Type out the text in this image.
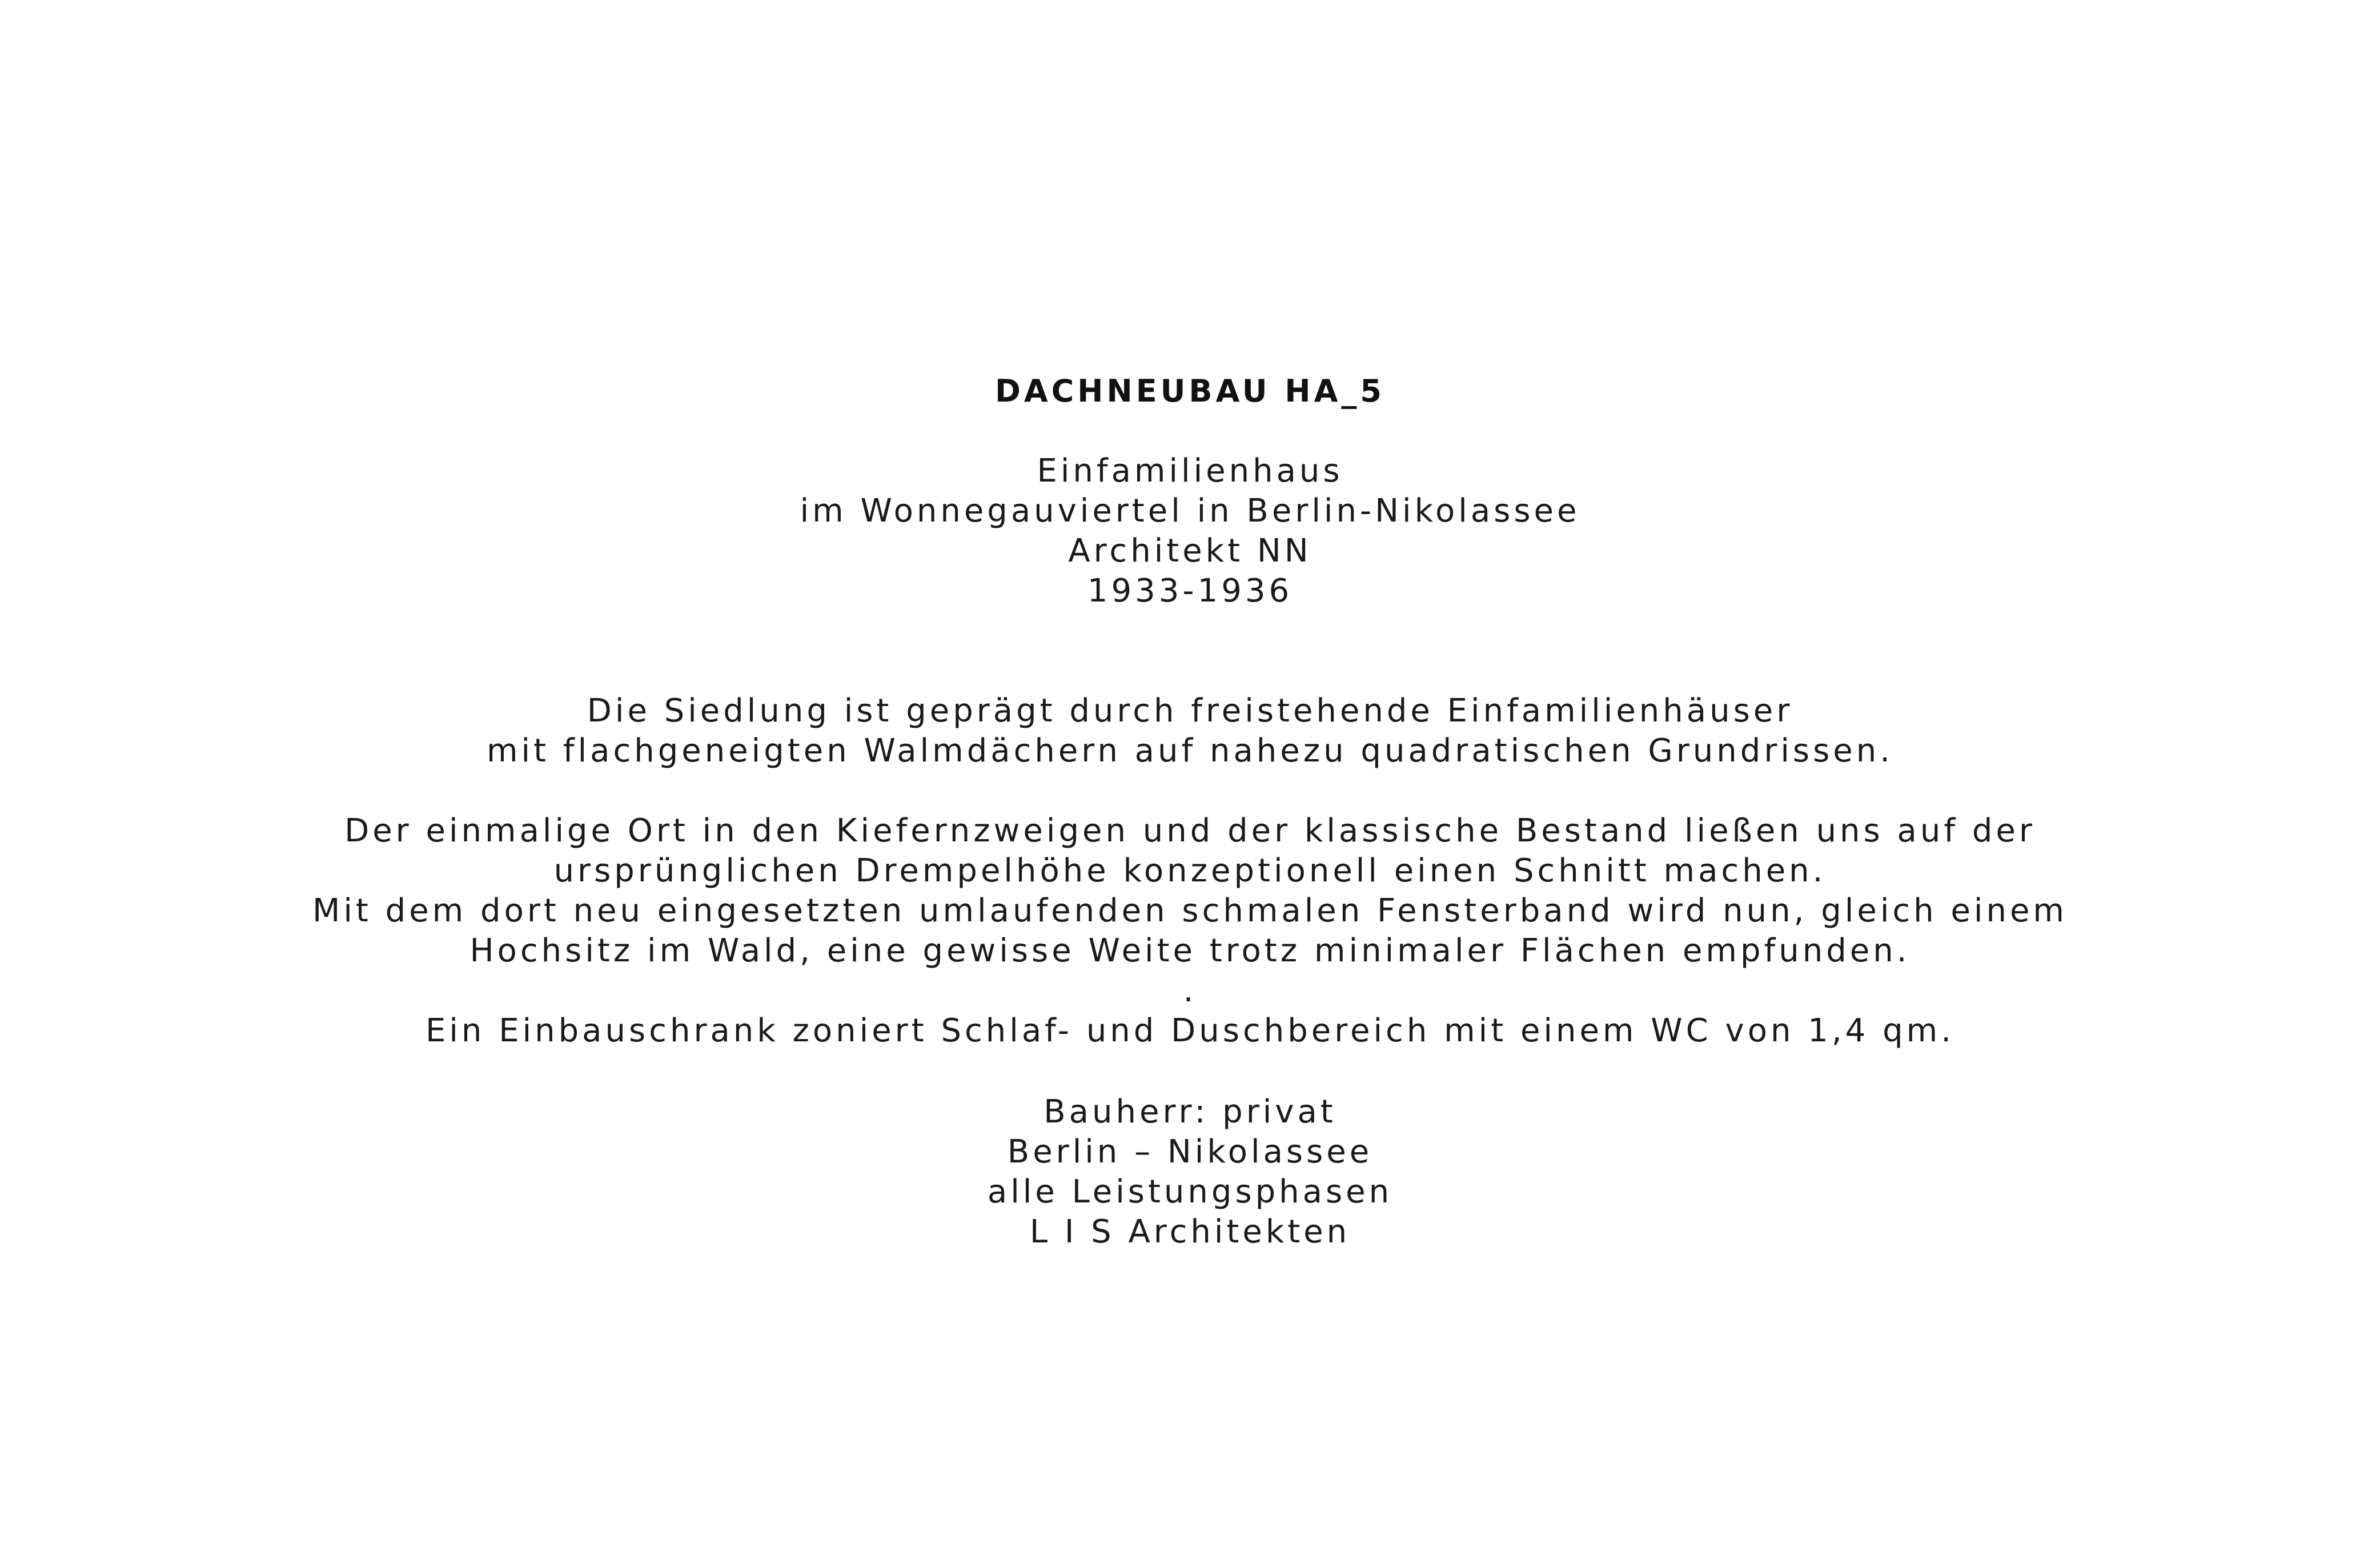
DACHNEUBAU HA_5
Einfamilienhaus
im Wonnegauviertel in Berlin-Nikolassee
Architekt NN
1933-1936
Die Siedlung ist geprägt durch freistehende Einfamilienhäuser
mit flachgeneigten Walmdächern auf nahezu quadratischen Grundrissen.
Der einmalige Ort in den Kiefernzweigen und der klassische Bestand ließen uns auf der
ursprünglichen Drempelhöhe konzeptionell einen Schnitt machen.
Mit dem dort neu eingesetzten umlaufenden schmalen Fensterband wird nun, gleich einem
Hochsitz im Wald, eine gewisse Weite trotz minimaler Flächen empfunden.
.
Ein Einbauschrank zoniert Schlaf- und Duschbereich mit einem WC von 1,4 qm.
Bauherr: privat
Berlin – Nikolassee
alle Leistungsphasen
L I S Architekten
